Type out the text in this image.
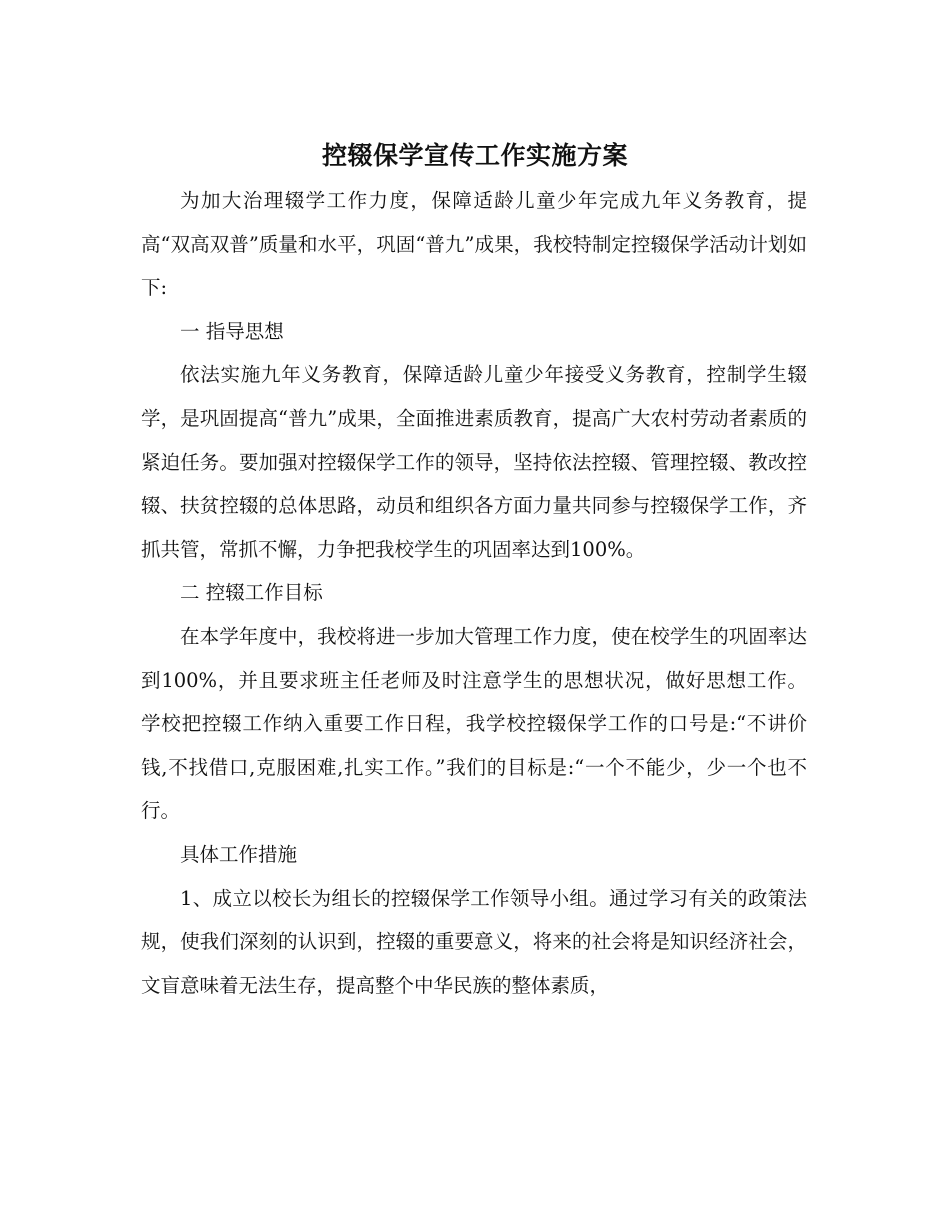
控辍保学宣传工作实施方案

为加大治理辍学工作力度，保障适龄儿童少年完成九年义务教育，提高“双高双普”质量和水平，巩固“普九”成果，我校特制定控辍保学活动计划如下:

一 指导思想

依法实施九年义务教育，保障适龄儿童少年接受义务教育，控制学生辍学，是巩固提高“普九”成果，全面推进素质教育，提高广大农村劳动者素质的紧迫任务。要加强对控辍保学工作的领导，坚持依法控辍、管理控辍、教改控辍、扶贫控辍的总体思路，动员和组织各方面力量共同参与控辍保学工作，齐抓共管，常抓不懈，力争把我校学生的巩固率达到100%。

二 控辍工作目标

在本学年度中，我校将进一步加大管理工作力度，使在校学生的巩固率达到100%，并且要求班主任老师及时注意学生的思想状况，做好思想工作。 学校把控辍工作纳入重要工作日程，我学校控辍保学工作的口号是:“不讲价钱,不找借口,克服困难,扎实工作。”我们的目标是:“一个不能少，少一个也不行。

具体工作措施

1、成立以校长为组长的控辍保学工作领导小组。通过学习有关的政策法规，使我们深刻的认识到，控辍的重要意义，将来的社会将是知识经济社会，文盲意味着无法生存，提高整个中华民族的整体素质，
